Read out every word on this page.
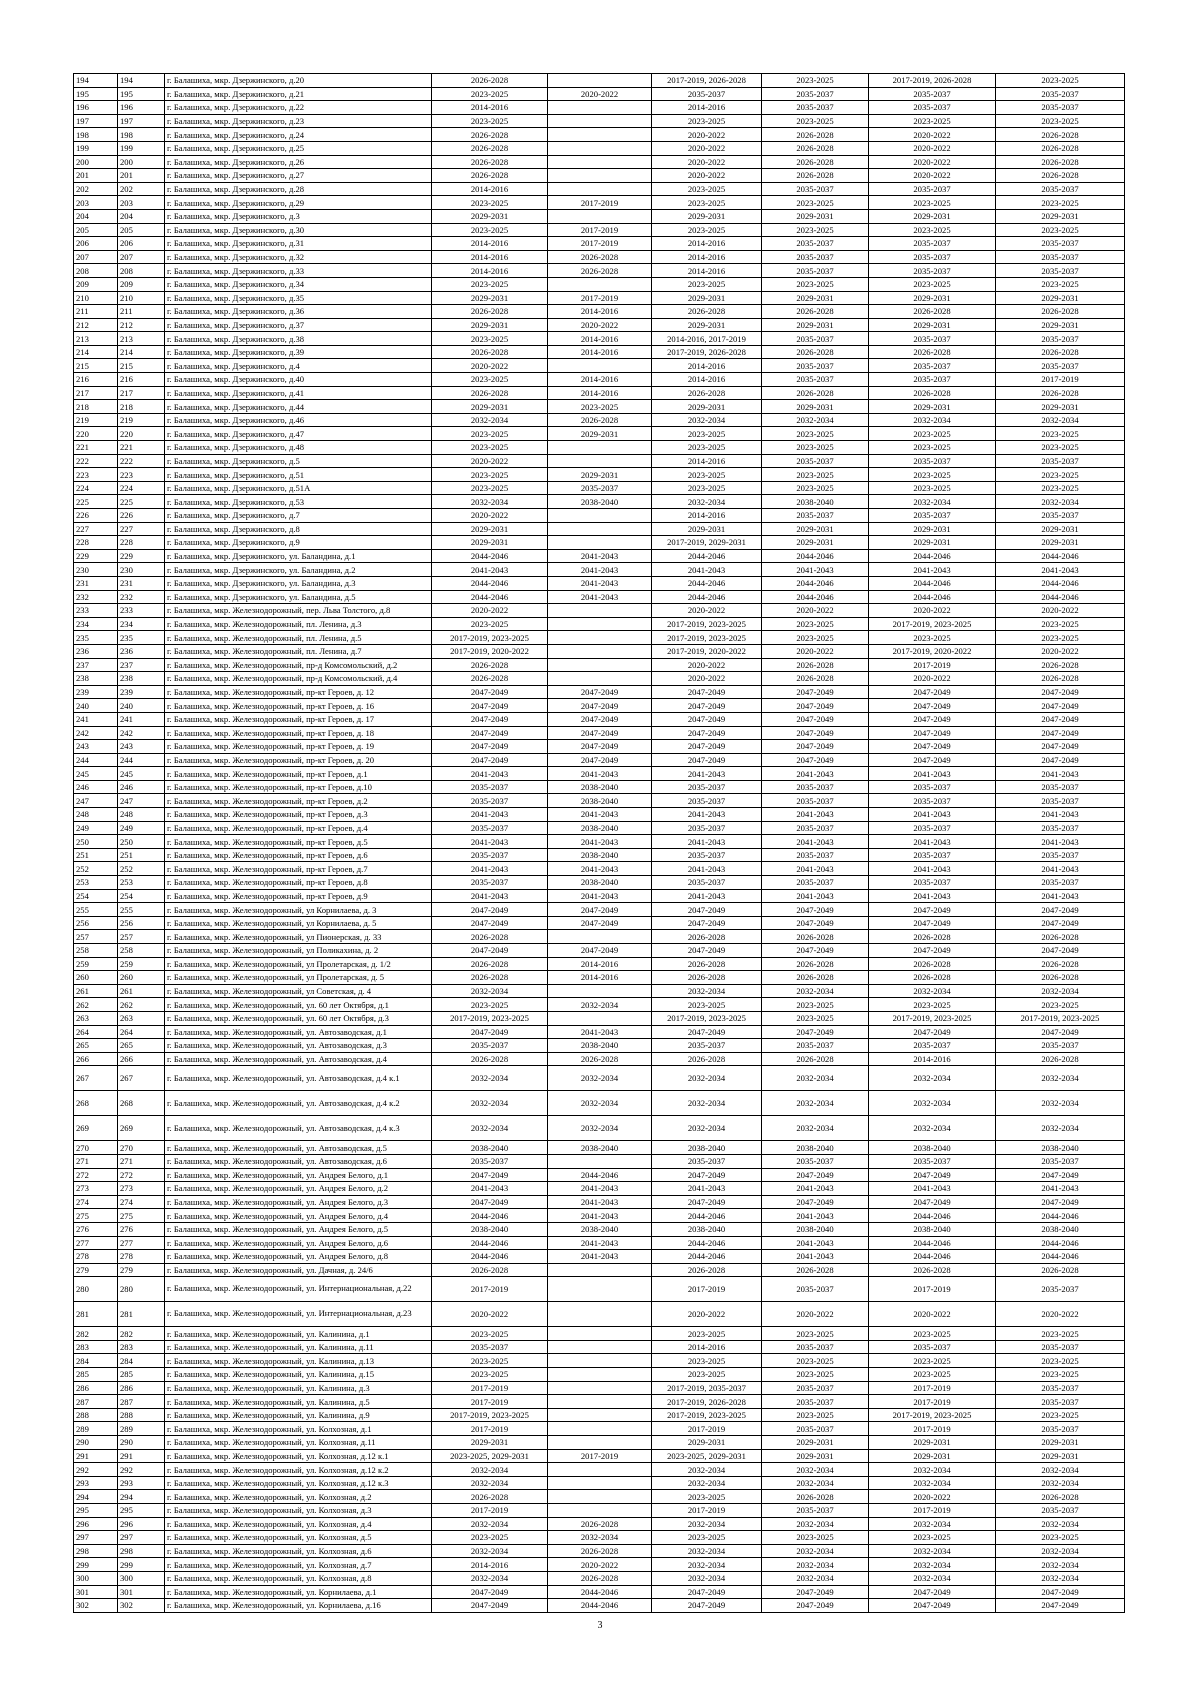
194	194	г. Балашиха, мкр. Дзержинского, д.20	2026-2028		2017-2019, 2026-2028	2023-2025	2017-2019, 2026-2028	2023-2025
195	195	г. Балашиха, мкр. Дзержинского, д.21	2023-2025	2020-2022	2035-2037	2035-2037	2035-2037	2035-2037
196	196	г. Балашиха, мкр. Дзержинского, д.22	2014-2016		2014-2016	2035-2037	2035-2037	2035-2037
197	197	г. Балашиха, мкр. Дзержинского, д.23	2023-2025		2023-2025	2023-2025	2023-2025	2023-2025
198	198	г. Балашиха, мкр. Дзержинского, д.24	2026-2028		2020-2022	2026-2028	2020-2022	2026-2028
199	199	г. Балашиха, мкр. Дзержинского, д.25	2026-2028		2020-2022	2026-2028	2020-2022	2026-2028
200	200	г. Балашиха, мкр. Дзержинского, д.26	2026-2028		2020-2022	2026-2028	2020-2022	2026-2028
201	201	г. Балашиха, мкр. Дзержинского, д.27	2026-2028		2020-2022	2026-2028	2020-2022	2026-2028
202	202	г. Балашиха, мкр. Дзержинского, д.28	2014-2016		2023-2025	2035-2037	2035-2037	2035-2037
203	203	г. Балашиха, мкр. Дзержинского, д.29	2023-2025	2017-2019	2023-2025	2023-2025	2023-2025	2023-2025
204	204	г. Балашиха, мкр. Дзержинского, д.3	2029-2031		2029-2031	2029-2031	2029-2031	2029-2031
205	205	г. Балашиха, мкр. Дзержинского, д.30	2023-2025	2017-2019	2023-2025	2023-2025	2023-2025	2023-2025
206	206	г. Балашиха, мкр. Дзержинского, д.31	2014-2016	2017-2019	2014-2016	2035-2037	2035-2037	2035-2037
207	207	г. Балашиха, мкр. Дзержинского, д.32	2014-2016	2026-2028	2014-2016	2035-2037	2035-2037	2035-2037
208	208	г. Балашиха, мкр. Дзержинского, д.33	2014-2016	2026-2028	2014-2016	2035-2037	2035-2037	2035-2037
209	209	г. Балашиха, мкр. Дзержинского, д.34	2023-2025		2023-2025	2023-2025	2023-2025	2023-2025
210	210	г. Балашиха, мкр. Дзержинского, д.35	2029-2031	2017-2019	2029-2031	2029-2031	2029-2031	2029-2031
211	211	г. Балашиха, мкр. Дзержинского, д.36	2026-2028	2014-2016	2026-2028	2026-2028	2026-2028	2026-2028
212	212	г. Балашиха, мкр. Дзержинского, д.37	2029-2031	2020-2022	2029-2031	2029-2031	2029-2031	2029-2031
213	213	г. Балашиха, мкр. Дзержинского, д.38	2023-2025	2014-2016	2014-2016, 2017-2019	2035-2037	2035-2037	2035-2037
214	214	г. Балашиха, мкр. Дзержинского, д.39	2026-2028	2014-2016	2017-2019, 2026-2028	2026-2028	2026-2028	2026-2028
215	215	г. Балашиха, мкр. Дзержинского, д.4	2020-2022		2014-2016	2035-2037	2035-2037	2035-2037
216	216	г. Балашиха, мкр. Дзержинского, д.40	2023-2025	2014-2016	2014-2016	2035-2037	2035-2037	2017-2019
217	217	г. Балашиха, мкр. Дзержинского, д.41	2026-2028	2014-2016	2026-2028	2026-2028	2026-2028	2026-2028
218	218	г. Балашиха, мкр. Дзержинского, д.44	2029-2031	2023-2025	2029-2031	2029-2031	2029-2031	2029-2031
219	219	г. Балашиха, мкр. Дзержинского, д.46	2032-2034	2026-2028	2032-2034	2032-2034	2032-2034	2032-2034
220	220	г. Балашиха, мкр. Дзержинского, д.47	2023-2025	2029-2031	2023-2025	2023-2025	2023-2025	2023-2025
221	221	г. Балашиха, мкр. Дзержинского, д.48	2023-2025		2023-2025	2023-2025	2023-2025	2023-2025
222	222	г. Балашиха, мкр. Дзержинского, д.5	2020-2022		2014-2016	2035-2037	2035-2037	2035-2037
223	223	г. Балашиха, мкр. Дзержинского, д.51	2023-2025	2029-2031	2023-2025	2023-2025	2023-2025	2023-2025
224	224	г. Балашиха, мкр. Дзержинского, д.51А	2023-2025	2035-2037	2023-2025	2023-2025	2023-2025	2023-2025
225	225	г. Балашиха, мкр. Дзержинского, д.53	2032-2034	2038-2040	2032-2034	2038-2040	2032-2034	2032-2034
226	226	г. Балашиха, мкр. Дзержинского, д.7	2020-2022		2014-2016	2035-2037	2035-2037	2035-2037
227	227	г. Балашиха, мкр. Дзержинского, д.8	2029-2031		2029-2031	2029-2031	2029-2031	2029-2031
228	228	г. Балашиха, мкр. Дзержинского, д.9	2029-2031		2017-2019, 2029-2031	2029-2031	2029-2031	2029-2031
229	229	г. Балашиха, мкр. Дзержинского, ул. Баландина, д.1	2044-2046	2041-2043	2044-2046	2044-2046	2044-2046	2044-2046
230	230	г. Балашиха, мкр. Дзержинского, ул. Баландина, д.2	2041-2043	2041-2043	2041-2043	2041-2043	2041-2043	2041-2043
231	231	г. Балашиха, мкр. Дзержинского, ул. Баландина, д.3	2044-2046	2041-2043	2044-2046	2044-2046	2044-2046	2044-2046
232	232	г. Балашиха, мкр. Дзержинского, ул. Баландина, д.5	2044-2046	2041-2043	2044-2046	2044-2046	2044-2046	2044-2046
233	233	г. Балашиха, мкр. Железнодорожный, пер. Льва Толстого, д.8	2020-2022		2020-2022	2020-2022	2020-2022	2020-2022
234	234	г. Балашиха, мкр. Железнодорожный, пл. Ленина, д.3	2023-2025		2017-2019, 2023-2025	2023-2025	2017-2019, 2023-2025	2023-2025
235	235	г. Балашиха, мкр. Железнодорожный, пл. Ленина, д.5	2017-2019, 2023-2025		2017-2019, 2023-2025	2023-2025	2023-2025	2023-2025
236	236	г. Балашиха, мкр. Железнодорожный, пл. Ленина, д.7	2017-2019, 2020-2022		2017-2019, 2020-2022	2020-2022	2017-2019, 2020-2022	2020-2022
237	237	г. Балашиха, мкр. Железнодорожный, пр-д Комсомольский, д.2	2026-2028		2020-2022	2026-2028	2017-2019	2026-2028
238	238	г. Балашиха, мкр. Железнодорожный, пр-д Комсомольский, д.4	2026-2028		2020-2022	2026-2028	2020-2022	2026-2028
239	239	г. Балашиха, мкр. Железнодорожный, пр-кт Героев, д. 12	2047-2049	2047-2049	2047-2049	2047-2049	2047-2049	2047-2049
240	240	г. Балашиха, мкр. Железнодорожный, пр-кт Героев, д. 16	2047-2049	2047-2049	2047-2049	2047-2049	2047-2049	2047-2049
241	241	г. Балашиха, мкр. Железнодорожный, пр-кт Героев, д. 17	2047-2049	2047-2049	2047-2049	2047-2049	2047-2049	2047-2049
242	242	г. Балашиха, мкр. Железнодорожный, пр-кт Героев, д. 18	2047-2049	2047-2049	2047-2049	2047-2049	2047-2049	2047-2049
243	243	г. Балашиха, мкр. Железнодорожный, пр-кт Героев, д. 19	2047-2049	2047-2049	2047-2049	2047-2049	2047-2049	2047-2049
244	244	г. Балашиха, мкр. Железнодорожный, пр-кт Героев, д. 20	2047-2049	2047-2049	2047-2049	2047-2049	2047-2049	2047-2049
245	245	г. Балашиха, мкр. Железнодорожный, пр-кт Героев, д.1	2041-2043	2041-2043	2041-2043	2041-2043	2041-2043	2041-2043
246	246	г. Балашиха, мкр. Железнодорожный, пр-кт Героев, д.10	2035-2037	2038-2040	2035-2037	2035-2037	2035-2037	2035-2037
247	247	г. Балашиха, мкр. Железнодорожный, пр-кт Героев, д.2	2035-2037	2038-2040	2035-2037	2035-2037	2035-2037	2035-2037
248	248	г. Балашиха, мкр. Железнодорожный, пр-кт Героев, д.3	2041-2043	2041-2043	2041-2043	2041-2043	2041-2043	2041-2043
249	249	г. Балашиха, мкр. Железнодорожный, пр-кт Героев, д.4	2035-2037	2038-2040	2035-2037	2035-2037	2035-2037	2035-2037
250	250	г. Балашиха, мкр. Железнодорожный, пр-кт Героев, д.5	2041-2043	2041-2043	2041-2043	2041-2043	2041-2043	2041-2043
251	251	г. Балашиха, мкр. Железнодорожный, пр-кт Героев, д.6	2035-2037	2038-2040	2035-2037	2035-2037	2035-2037	2035-2037
252	252	г. Балашиха, мкр. Железнодорожный, пр-кт Героев, д.7	2041-2043	2041-2043	2041-2043	2041-2043	2041-2043	2041-2043
253	253	г. Балашиха, мкр. Железнодорожный, пр-кт Героев, д.8	2035-2037	2038-2040	2035-2037	2035-2037	2035-2037	2035-2037
254	254	г. Балашиха, мкр. Железнодорожный, пр-кт Героев, д.9	2041-2043	2041-2043	2041-2043	2041-2043	2041-2043	2041-2043
255	255	г. Балашиха, мкр. Железнодорожный, ул Корнилаева, д. 3	2047-2049	2047-2049	2047-2049	2047-2049	2047-2049	2047-2049
256	256	г. Балашиха, мкр. Железнодорожный, ул Корнилаева, д. 5	2047-2049	2047-2049	2047-2049	2047-2049	2047-2049	2047-2049
257	257	г. Балашиха, мкр. Железнодорожный, ул Пионерская, д. 33	2026-2028		2026-2028	2026-2028	2026-2028	2026-2028
258	258	г. Балашиха, мкр. Железнодорожный, ул Поликахина, д. 2	2047-2049	2047-2049	2047-2049	2047-2049	2047-2049	2047-2049
259	259	г. Балашиха, мкр. Железнодорожный, ул Пролетарская, д. 1/2	2026-2028	2014-2016	2026-2028	2026-2028	2026-2028	2026-2028
260	260	г. Балашиха, мкр. Железнодорожный, ул Пролетарская, д. 5	2026-2028	2014-2016	2026-2028	2026-2028	2026-2028	2026-2028
261	261	г. Балашиха, мкр. Железнодорожный, ул Советская, д. 4	2032-2034		2032-2034	2032-2034	2032-2034	2032-2034
262	262	г. Балашиха, мкр. Железнодорожный, ул. 60 лет Октября, д.1	2023-2025	2032-2034	2023-2025	2023-2025	2023-2025	2023-2025
263	263	г. Балашиха, мкр. Железнодорожный, ул. 60 лет Октября, д.3	2017-2019, 2023-2025		2017-2019, 2023-2025	2023-2025	2017-2019, 2023-2025	2017-2019, 2023-2025
264	264	г. Балашиха, мкр. Железнодорожный, ул. Автозаводская, д.1	2047-2049	2041-2043	2047-2049	2047-2049	2047-2049	2047-2049
265	265	г. Балашиха, мкр. Железнодорожный, ул. Автозаводская, д.3	2035-2037	2038-2040	2035-2037	2035-2037	2035-2037	2035-2037
266	266	г. Балашиха, мкр. Железнодорожный, ул. Автозаводская, д.4	2026-2028	2026-2028	2026-2028	2026-2028	2014-2016	2026-2028
267	267	г. Балашиха, мкр. Железнодорожный, ул. Автозаводская, д.4 к.1	2032-2034	2032-2034	2032-2034	2032-2034	2032-2034	2032-2034
268	268	г. Балашиха, мкр. Железнодорожный, ул. Автозаводская, д.4 к.2	2032-2034	2032-2034	2032-2034	2032-2034	2032-2034	2032-2034
269	269	г. Балашиха, мкр. Железнодорожный, ул. Автозаводская, д.4 к.3	2032-2034	2032-2034	2032-2034	2032-2034	2032-2034	2032-2034
270	270	г. Балашиха, мкр. Железнодорожный, ул. Автозаводская, д.5	2038-2040	2038-2040	2038-2040	2038-2040	2038-2040	2038-2040
271	271	г. Балашиха, мкр. Железнодорожный, ул. Автозаводская, д.6	2035-2037		2035-2037	2035-2037	2035-2037	2035-2037
272	272	г. Балашиха, мкр. Железнодорожный, ул. Андрея Белого, д.1	2047-2049	2044-2046	2047-2049	2047-2049	2047-2049	2047-2049
273	273	г. Балашиха, мкр. Железнодорожный, ул. Андрея Белого, д.2	2041-2043	2041-2043	2041-2043	2041-2043	2041-2043	2041-2043
274	274	г. Балашиха, мкр. Железнодорожный, ул. Андрея Белого, д.3	2047-2049	2041-2043	2047-2049	2047-2049	2047-2049	2047-2049
275	275	г. Балашиха, мкр. Железнодорожный, ул. Андрея Белого, д.4	2044-2046	2041-2043	2044-2046	2041-2043	2044-2046	2044-2046
276	276	г. Балашиха, мкр. Железнодорожный, ул. Андрея Белого, д.5	2038-2040	2038-2040	2038-2040	2038-2040	2038-2040	2038-2040
277	277	г. Балашиха, мкр. Железнодорожный, ул. Андрея Белого, д.6	2044-2046	2041-2043	2044-2046	2041-2043	2044-2046	2044-2046
278	278	г. Балашиха, мкр. Железнодорожный, ул. Андрея Белого, д.8	2044-2046	2041-2043	2044-2046	2041-2043	2044-2046	2044-2046
279	279	г. Балашиха, мкр. Железнодорожный, ул. Дачная, д. 24/6	2026-2028		2026-2028	2026-2028	2026-2028	2026-2028
280	280	г. Балашиха, мкр. Железнодорожный, ул. Интернациональная, д.22	2017-2019		2017-2019	2035-2037	2017-2019	2035-2037
281	281	г. Балашиха, мкр. Железнодорожный, ул. Интернациональная, д.23	2020-2022		2020-2022	2020-2022	2020-2022	2020-2022
282	282	г. Балашиха, мкр. Железнодорожный, ул. Калинина, д.1	2023-2025		2023-2025	2023-2025	2023-2025	2023-2025
283	283	г. Балашиха, мкр. Железнодорожный, ул. Калинина, д.11	2035-2037		2014-2016	2035-2037	2035-2037	2035-2037
284	284	г. Балашиха, мкр. Железнодорожный, ул. Калинина, д.13	2023-2025		2023-2025	2023-2025	2023-2025	2023-2025
285	285	г. Балашиха, мкр. Железнодорожный, ул. Калинина, д.15	2023-2025		2023-2025	2023-2025	2023-2025	2023-2025
286	286	г. Балашиха, мкр. Железнодорожный, ул. Калинина, д.3	2017-2019		2017-2019, 2035-2037	2035-2037	2017-2019	2035-2037
287	287	г. Балашиха, мкр. Железнодорожный, ул. Калинина, д.5	2017-2019		2017-2019, 2026-2028	2035-2037	2017-2019	2035-2037
288	288	г. Балашиха, мкр. Железнодорожный, ул. Калинина, д.9	2017-2019, 2023-2025		2017-2019, 2023-2025	2023-2025	2017-2019, 2023-2025	2023-2025
289	289	г. Балашиха, мкр. Железнодорожный, ул. Колхозная, д.1	2017-2019		2017-2019	2035-2037	2017-2019	2035-2037
290	290	г. Балашиха, мкр. Железнодорожный, ул. Колхозная, д.11	2029-2031		2029-2031	2029-2031	2029-2031	2029-2031
291	291	г. Балашиха, мкр. Железнодорожный, ул. Колхозная, д.12 к.1	2023-2025, 2029-2031	2017-2019	2023-2025, 2029-2031	2029-2031	2029-2031	2029-2031
292	292	г. Балашиха, мкр. Железнодорожный, ул. Колхозная, д.12 к.2	2032-2034		2032-2034	2032-2034	2032-2034	2032-2034
293	293	г. Балашиха, мкр. Железнодорожный, ул. Колхозная, д.12 к.3	2032-2034		2032-2034	2032-2034	2032-2034	2032-2034
294	294	г. Балашиха, мкр. Железнодорожный, ул. Колхозная, д.2	2026-2028		2023-2025	2026-2028	2020-2022	2026-2028
295	295	г. Балашиха, мкр. Железнодорожный, ул. Колхозная, д.3	2017-2019		2017-2019	2035-2037	2017-2019	2035-2037
296	296	г. Балашиха, мкр. Железнодорожный, ул. Колхозная, д.4	2032-2034	2026-2028	2032-2034	2032-2034	2032-2034	2032-2034
297	297	г. Балашиха, мкр. Железнодорожный, ул. Колхозная, д.5	2023-2025	2032-2034	2023-2025	2023-2025	2023-2025	2023-2025
298	298	г. Балашиха, мкр. Железнодорожный, ул. Колхозная, д.6	2032-2034	2026-2028	2032-2034	2032-2034	2032-2034	2032-2034
299	299	г. Балашиха, мкр. Железнодорожный, ул. Колхозная, д.7	2014-2016	2020-2022	2032-2034	2032-2034	2032-2034	2032-2034
300	300	г. Балашиха, мкр. Железнодорожный, ул. Колхозная, д.8	2032-2034	2026-2028	2032-2034	2032-2034	2032-2034	2032-2034
301	301	г. Балашиха, мкр. Железнодорожный, ул. Корнилаева, д.1	2047-2049	2044-2046	2047-2049	2047-2049	2047-2049	2047-2049
302	302	г. Балашиха, мкр. Железнодорожный, ул. Корнилаева, д.16	2047-2049	2044-2046	2047-2049	2047-2049	2047-2049	2047-2049
3
